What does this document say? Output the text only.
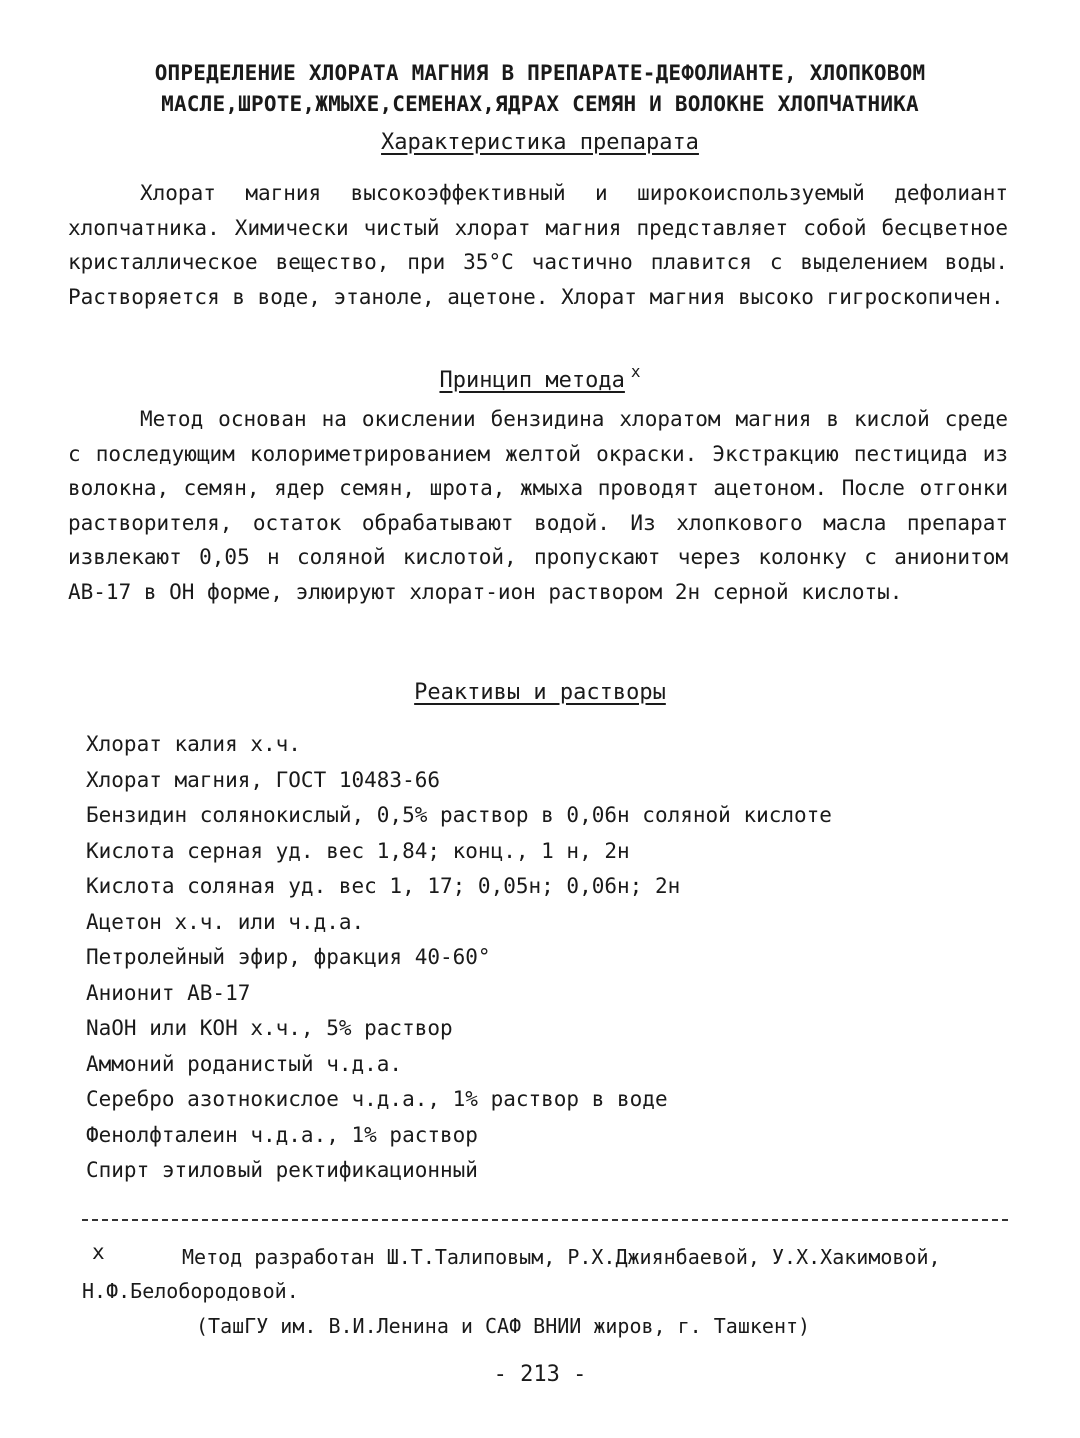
ОПРЕДЕЛЕНИЕ ХЛОРАТА МАГНИЯ В ПРЕПАРАТЕ-ДЕФОЛИАНТЕ, ХЛОПКОВОМ
МАСЛЕ,ШРОТЕ,ЖМЫХЕ,СЕМЕНАХ,ЯДРАХ СЕМЯН И ВОЛОКНЕ ХЛОПЧАТНИКА
Характеристика препарата

Хлорат магния высокоэффективный и широкоиспользуемый дефолиант хлопчатника. Химически чистый хлорат магния представляет собой бесцветное кристаллическое вещество, при 35°C частично плавится с выделением воды. Растворяется в воде, этаноле, ацетоне. Хлорат магния высоко гигроскопичен.

Принцип метода $^x$

Метод основан на окислении бензидина хлоратом магния в кислой среде с последующим колориметрированием желтой окраски. Экстракцию пестицида из волокна, семян, ядер семян, шрота, жмыха проводят ацетоном. После отгонки растворителя, остаток обрабатывают водой. Из хлопкового масла препарат извлекают 0,05 н соляной кислотой, пропускают через колонку с анионитом АВ-17 в ОН форме, элюируют хлорат-ион раствором 2н серной кислоты.

Реактивы и растворы
Хлорат калия х.ч.
Хлорат магния, ГОСТ 10483-66
Бензидин солянокислый, 0,5% раствор в 0,06н соляной кислоте
Кислота серная уд. вес 1,84; конц., 1 н, 2н
Кислота соляная уд. вес 1, 17; 0,05н; 0,06н; 2н
Ацетон х.ч. или ч.д.а.
Петролейный эфир, фракция 40-60°
Анионит АВ-17
NaOH или КОН х.ч., 5% раствор
Аммоний роданистый ч.д.а.
Серебро азотнокислое ч.д.а., 1% раствор в воде
Фенолфталеин ч.д.а., 1% раствор
Спирт этиловый ректификационный
x	Метод разработан Ш.Т.Талиповым, Р.Х.Джиянбаевой, У.Х.Хакимовой, Н.Ф.Белобородовой.

(ТашГУ им. В.И.Ленина и САФ ВНИИ жиров, г. Ташкент)
- 213 -
